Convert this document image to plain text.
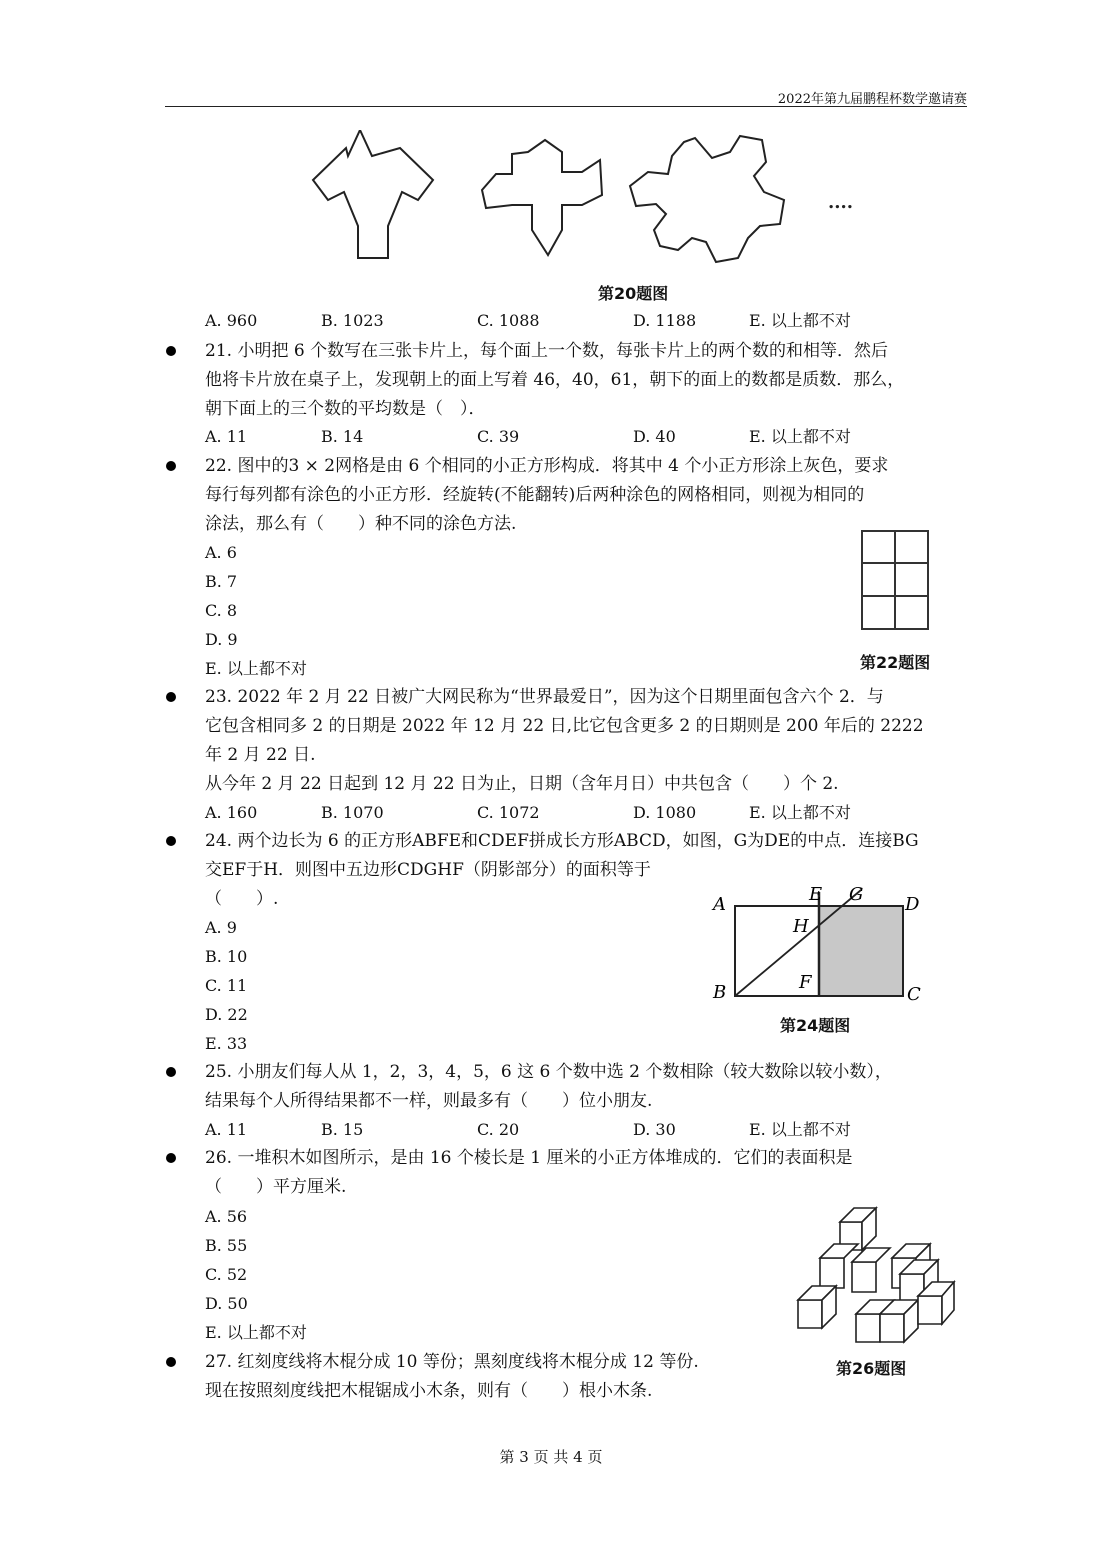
2022年第九届鹏程杯数学邀请赛
....
第20题图
A. 960	B. 1023	C. 1088	D. 1188	E. 以上都不对
21. 小明把 6 个数写在三张卡片上，每个面上一个数，每张卡片上的两个数的和相等．然后
他将卡片放在桌子上，发现朝上的面上写着 46，40，61，朝下的面上的数都是质数．那么，
朝下面上的三个数的平均数是（　）．
A. 11	B. 14	C. 39	D. 40	E. 以上都不对
22. 图中的3 × 2网格是由 6 个相同的小正方形构成．将其中 4 个小正方形涂上灰色，要求
每行每列都有涂色的小正方形．经旋转(不能翻转)后两种涂色的网格相同，则视为相同的
涂法，那么有（　　）种不同的涂色方法.
A. 6
B. 7
C. 8
D. 9
E. 以上都不对	第22题图
23. 2022 年 2 月 22 日被广大网民称为“世界最爱日”，因为这个日期里面包含六个 2．与
它包含相同多 2 的日期是 2022 年 12 月 22 日,比它包含更多 2 的日期则是 200 年后的 2222
年 2 月 22 日.
从今年 2 月 22 日起到 12 月 22 日为止，日期（含年月日）中共包含（　　）个 2.
A. 160	B. 1070	C. 1072	D. 1080	E. 以上都不对
24. 两个边长为 6 的正方形ABFE和CDEF拼成长方形ABCD，如图，G为DE的中点．连接BG
交EF于H．则图中五边形CDGHF（阴影部分）的面积等于
（　　）.
A. 9
B. 10
C. 11
D. 22
E. 33
A	E G D
H
F
B	C
第24题图
25. 小朋友们每人从 1，2，3，4，5，6 这 6 个数中选 2 个数相除（较大数除以较小数），
结果每个人所得结果都不一样，则最多有（　　）位小朋友.
A. 11	B. 15	C. 20	D. 30	E. 以上都不对
26. 一堆积木如图所示，是由 16 个棱长是 1 厘米的小正方体堆成的．它们的表面积是
（　　）平方厘米.
A. 56
B. 55
C. 52
D. 50
E. 以上都不对
第26题图
27. 红刻度线将木棍分成 10 等份；黑刻度线将木棍分成 12 等份.
现在按照刻度线把木棍锯成小木条，则有（　　）根小木条.
第 3 页 共 4 页
